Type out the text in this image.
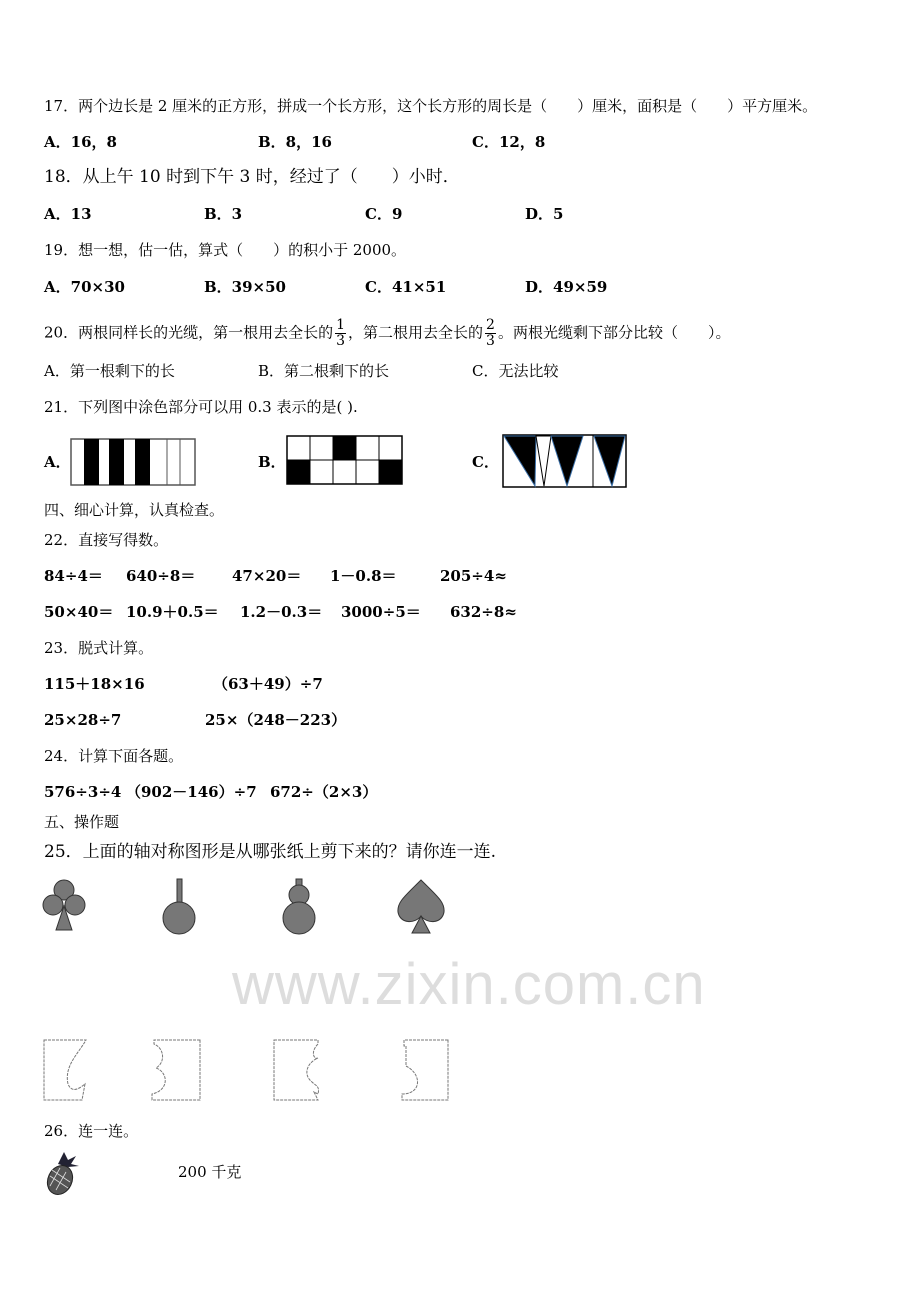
www.zixin.com.cn
17．两个边长是 2 厘米的正方形，拼成一个长方形，这个长方形的周长是（　　）厘米，面积是（　　）平方厘米。
A．16，8	B．8，16	C．12，8
18．从上午 10 时到下午 3 时，经过了（　　）小时．
A．13	B．3	C．9	D．5
19．想一想，估一估，算式（　　）的积小于 2000。
A．70×30	B．39×50	C．41×51	D．49×59
20．两根同样长的光缆，第一根用去全长的 $\frac{1}{3}$ ，第二根用去全长的 $\frac{2}{3}$ 。两根光缆剩下部分比较（　　）。
A．第一根剩下的长	B．第二根剩下的长	C．无法比较
21．下列图中涂色部分可以用 0.3 表示的是( ).
A．	B．	C．
四、细心计算，认真检查。
22．直接写得数。
84÷4＝ 640÷8＝ 47×20＝ 1－0.8＝	205÷4≈
50×40＝ 10.9＋0.5＝ 1.2－0.3＝ 3000÷5＝ 632÷8≈
23．脱式计算。
115＋18×16	（63＋49）÷7
25×28÷7	25×（248－223）
24．计算下面各题。
576÷3÷4 （902－146）÷7 672÷（2×3）
五、操作题
25．上面的轴对称图形是从哪张纸上剪下来的？请你连一连.
26．连一连。
200 千克
